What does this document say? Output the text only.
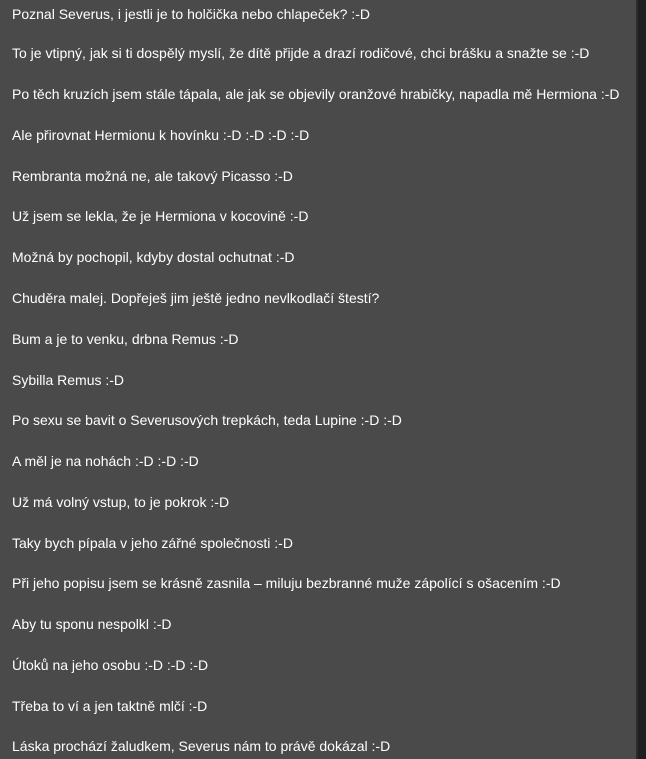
Poznal Severus, i jestli je to holčička nebo chlapeček? :-D
To je vtipný, jak si ti dospělý myslí, že dítě přijde a drazí rodičové, chci brášku a snažte se :-D
Po těch kruzích jsem stále tápala, ale jak se objevily oranžové hrabičky, napadla mě Hermiona :-D
Ale přirovnat Hermionu k hovínku :-D :-D :-D :-D
Rembranta možná ne, ale takový Picasso :-D
Už jsem se lekla, že je Hermiona v kocovině :-D
Možná by pochopil, kdyby dostal ochutnat :-D
Chuděra malej. Dopřeješ jim ještě jedno nevlkodlačí štestí?
Bum a je to venku, drbna Remus :-D
Sybilla Remus :-D
Po sexu se bavit o Severusových trepkách, teda Lupine :-D :-D
A měl je na nohách :-D :-D :-D
Už má volný vstup, to je pokrok :-D
Taky bych pípala v jeho zářné společnosti :-D
Při jeho popisu jsem se krásně zasnila – miluju bezbranné muže zápolící s ošacením :-D
Aby tu sponu nespolkl :-D
Útoků na jeho osobu :-D :-D :-D
Třeba to ví a jen taktně mlčí :-D
Láska prochází žaludkem, Severus nám to právě dokázal :-D
